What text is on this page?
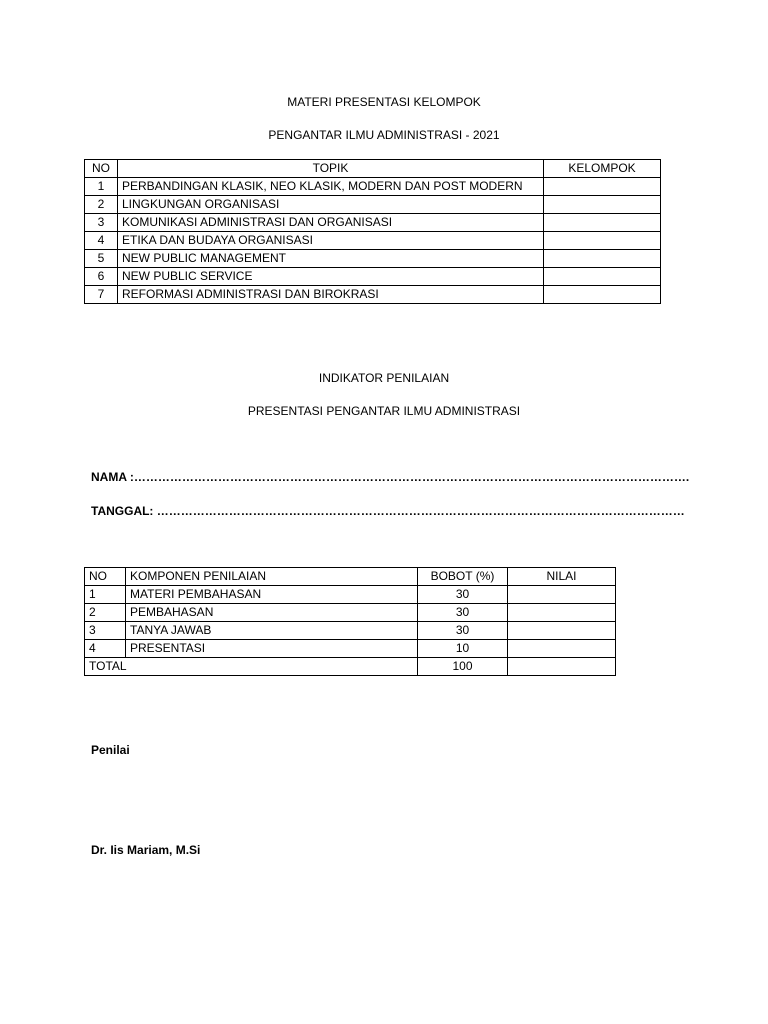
MATERI PRESENTASI KELOMPOK
PENGANTAR ILMU ADMINISTRASI - 2021
NO	TOPIK	KELOMPOK
1	PERBANDINGAN KLASIK, NEO KLASIK, MODERN DAN POST MODERN	
2	LINGKUNGAN ORGANISASI	
3	KOMUNIKASI ADMINISTRASI DAN ORGANISASI	
4	ETIKA DAN BUDAYA ORGANISASI	
5	NEW PUBLIC MANAGEMENT	
6	NEW PUBLIC SERVICE	
7	REFORMASI ADMINISTRASI DAN BIROKRASI	
INDIKATOR PENILAIAN
PRESENTASI PENGANTAR ILMU ADMINISTRASI
NAMA :………………………………………………………………………………………………………………………….
TANGGAL: ……………………………………………………………………………………………………………………
NO	KOMPONEN PENILAIAN	BOBOT (%)	NILAI
1	MATERI PEMBAHASAN	30	
2	PEMBAHASAN	30	
3	TANYA JAWAB	30	
4	PRESENTASI	10	
TOTAL		100	
Penilai
Dr. Iis Mariam, M.Si
